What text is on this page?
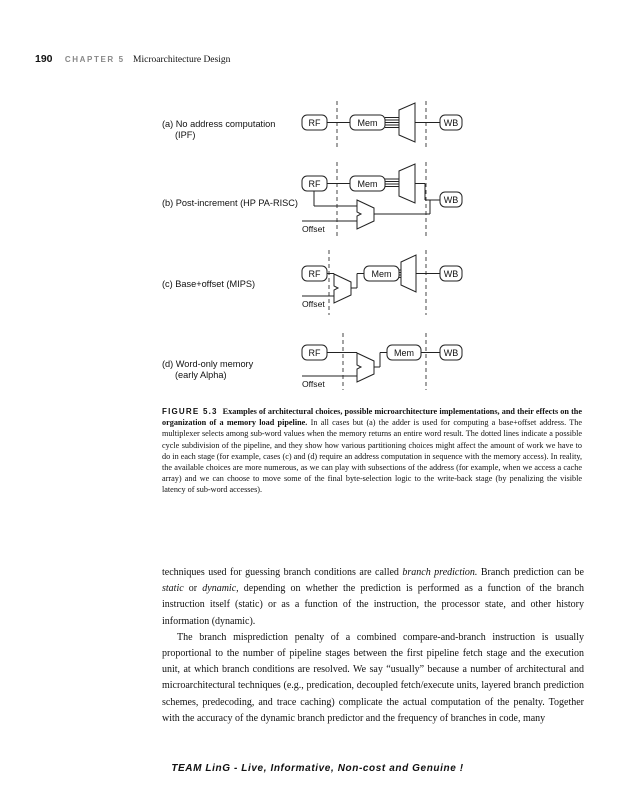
190 CHAPTER 5 Microarchitecture Design
(a) No address computation
(IPF)
RF	Mem	WB
(b) Post-increment (HP PA-RISC)
RF	Mem
WB
Offset
(c) Base+offset (MIPS)
RF
Offset
Mem	WB
(d) Word-only memory
(early Alpha)
RF
Offset
Mem	WB
FIGURE 5.3 Examples of architectural choices, possible microarchitecture implementations, and their effects on the organization of a memory load pipeline. In all cases but (a) the adder is used for computing a base+offset address. The multiplexer selects among sub-word values when the memory returns an entire word result. The dotted lines indicate a possible cycle subdivision of the pipeline, and they show how various partitioning choices might affect the amount of work we have to do in each stage (for example, cases (c) and (d) require an address computation in sequence with the memory access). In reality, the available choices are more numerous, as we can play with subsections of the address (for example, when we access a cache array) and we can choose to move some of the final byte-selection logic to the write-back stage (by penalizing the visible latency of sub-word accesses).

techniques used for guessing branch conditions are called branch prediction. Branch prediction can be static or dynamic, depending on whether the prediction is performed as a function of the branch instruction itself (static) or as a function of the instruction, the processor state, and other history information (dynamic).

The branch misprediction penalty of a combined compare-and-branch instruction is usually proportional to the number of pipeline stages between the first pipeline fetch stage and the execution unit, at which branch conditions are resolved. We say “usually” because a number of architectural and microarchitectural techniques (e.g., predication, decoupled fetch/execute units, layered branch prediction schemes, predecoding, and trace caching) complicate the actual computation of the penalty. Together with the accuracy of the dynamic branch predictor and the frequency of branches in code, many

TEAM LinG - Live, Informative, Non-cost and Genuine !
